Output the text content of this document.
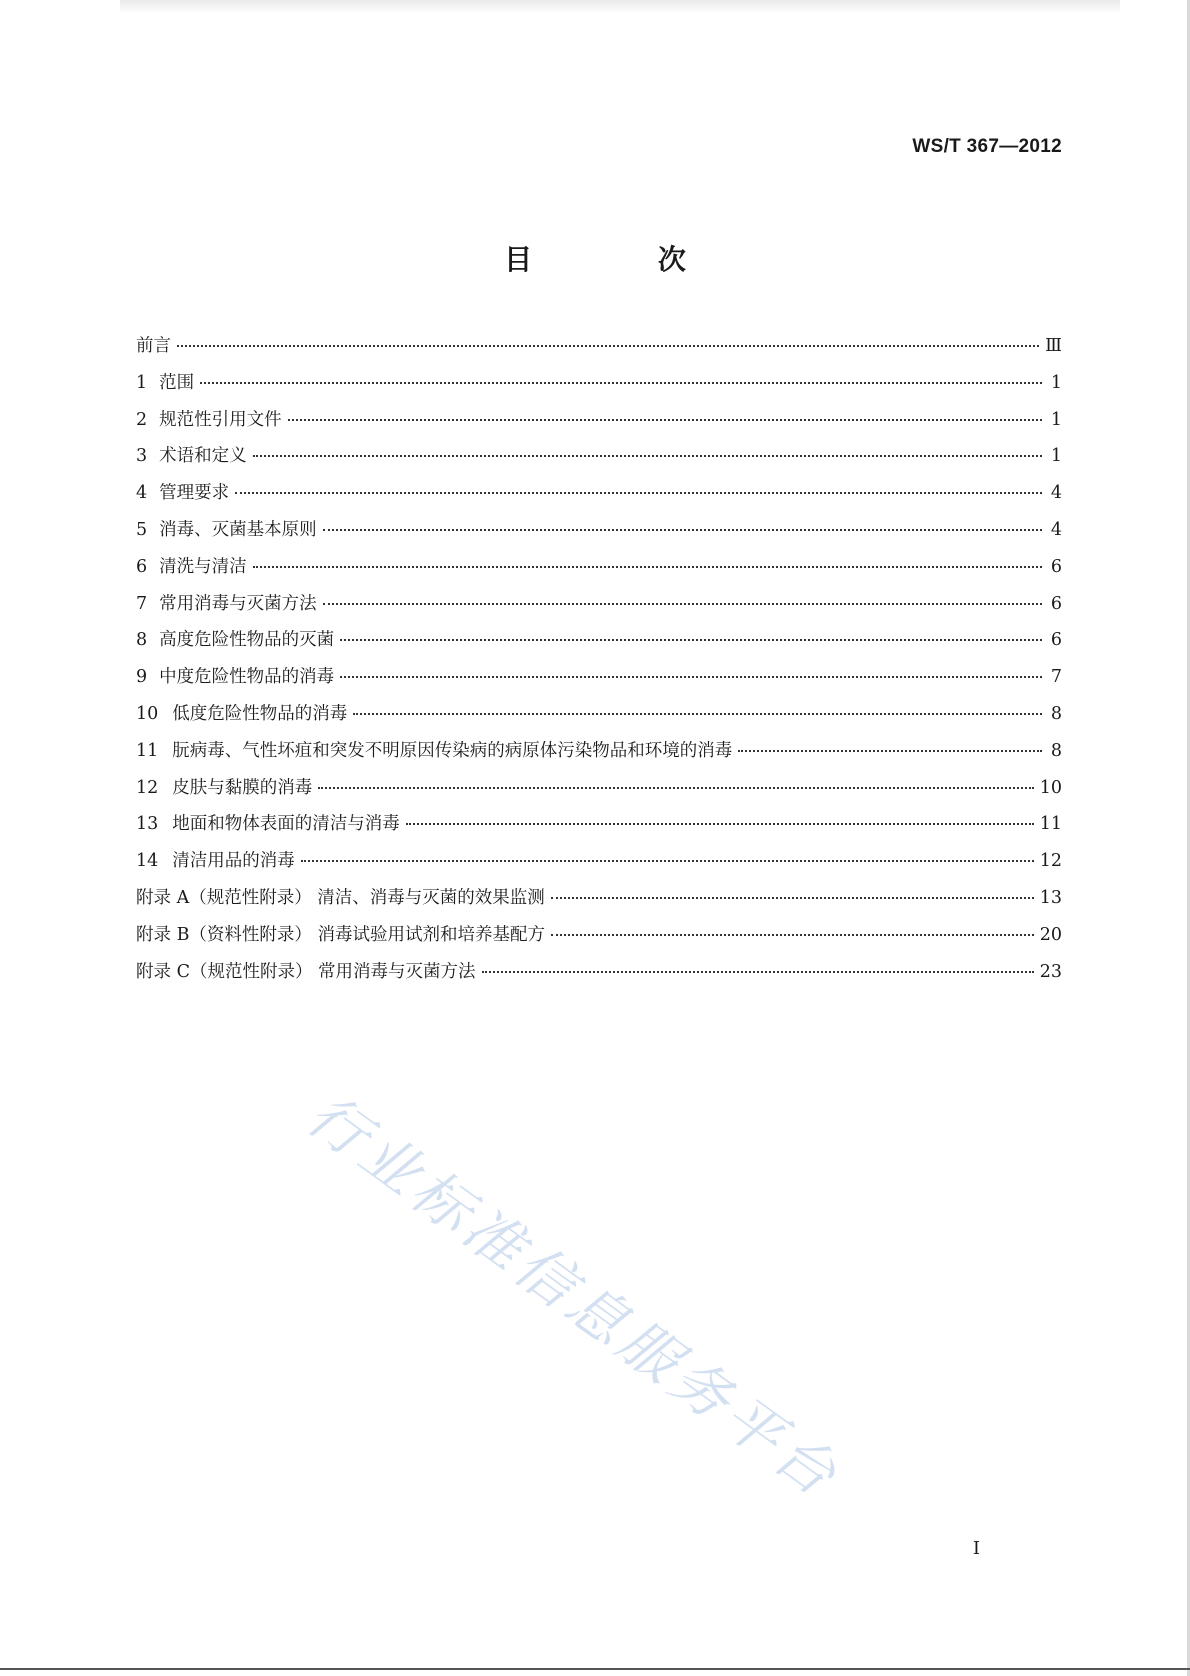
WS/T 367—2012
目 次
前言	Ⅲ
1 范围	1
2 规范性引用文件	1
3 术语和定义	1
4 管理要求	4
5 消毒、灭菌基本原则	4
6 清洗与清洁	6
7 常用消毒与灭菌方法	6
8 高度危险性物品的灭菌	6
9 中度危险性物品的消毒	7
10 低度危险性物品的消毒	8
11 朊病毒、气性坏疽和突发不明原因传染病的病原体污染物品和环境的消毒	8
12 皮肤与黏膜的消毒	10
13 地面和物体表面的清洁与消毒	11
14 清洁用品的消毒	12
附录 A（规范性附录） 清洁、消毒与灭菌的效果监测	13
附录 B（资料性附录） 消毒试验用试剂和培养基配方	20
附录 C（规范性附录） 常用消毒与灭菌方法	23
行业标准信息服务平台
I
